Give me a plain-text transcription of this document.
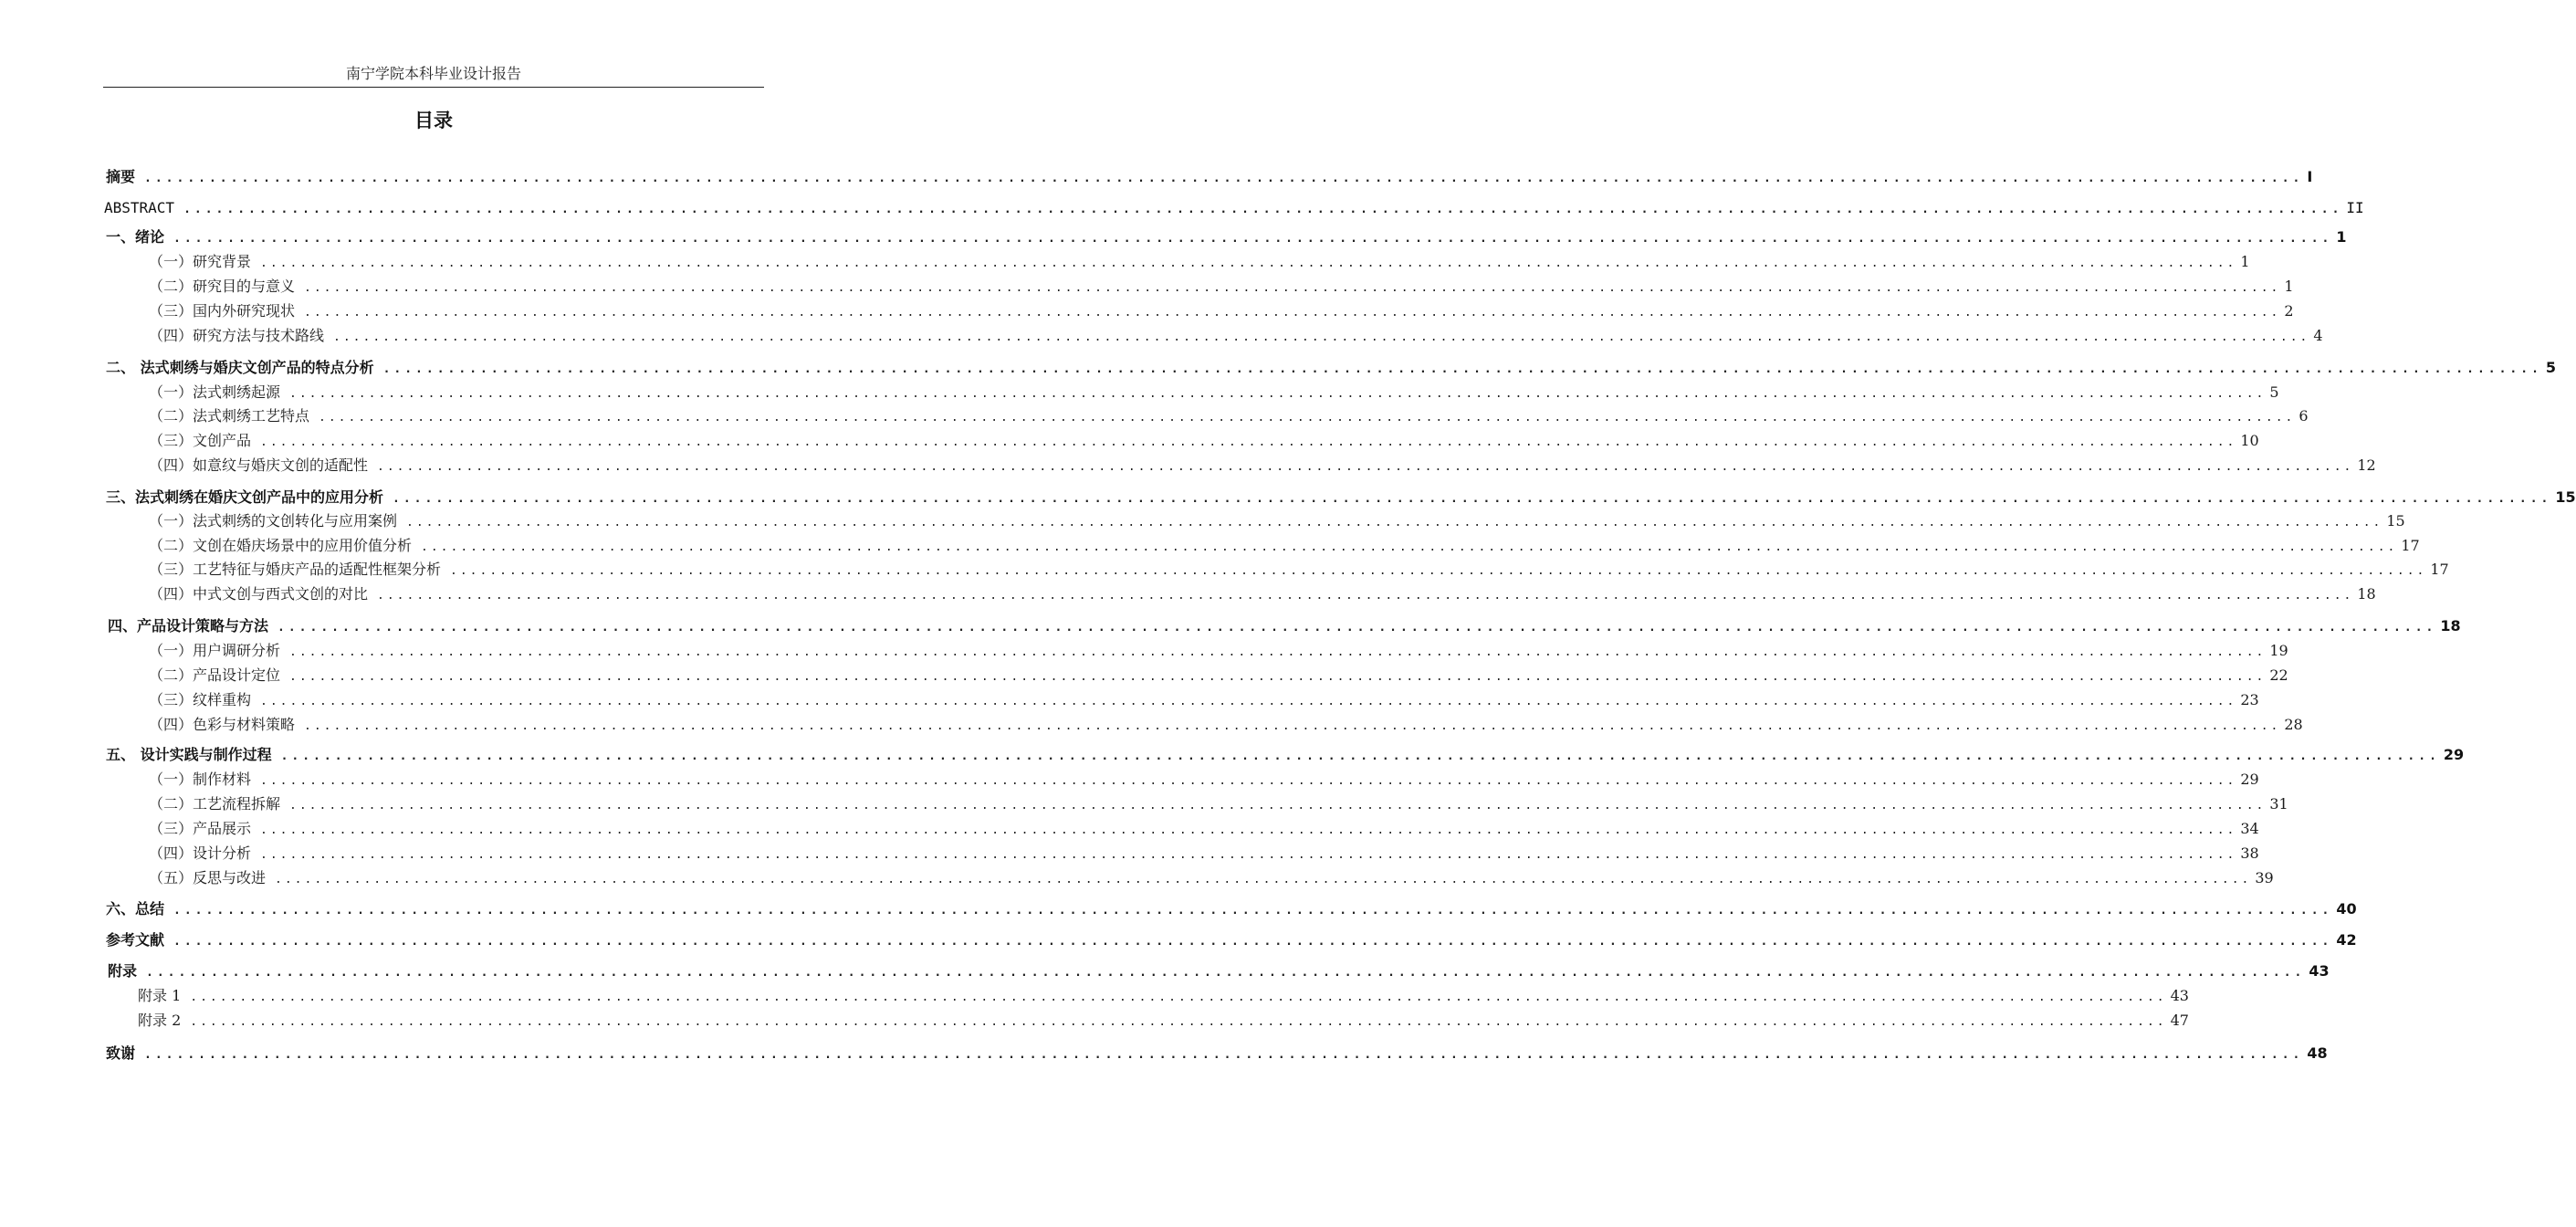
南宁学院本科毕业设计报告
目录
摘要 ........................................................................................................................................................................................................ I
ABSTRACT ........................................................................................................................................................................................................ II
一、绪论 ........................................................................................................................................................................................................ 1
（一）研究背景 ........................................................................................................................................................................................................ 1
（二）研究目的与意义 ........................................................................................................................................................................................................ 1
（三）国内外研究现状 ........................................................................................................................................................................................................ 2
（四）研究方法与技术路线 ........................................................................................................................................................................................................ 4
二、 法式刺绣与婚庆文创产品的特点分析 ........................................................................................................................................................................................................ 5
（一）法式刺绣起源 ........................................................................................................................................................................................................ 5
（二）法式刺绣工艺特点 ........................................................................................................................................................................................................ 6
（三）文创产品 ........................................................................................................................................................................................................ 10
（四）如意纹与婚庆文创的适配性 ........................................................................................................................................................................................................ 12
三、法式刺绣在婚庆文创产品中的应用分析 ........................................................................................................................................................................................................ 15
（一）法式刺绣的文创转化与应用案例 ........................................................................................................................................................................................................ 15
（二）文创在婚庆场景中的应用价值分析 ........................................................................................................................................................................................................ 17
（三）工艺特征与婚庆产品的适配性框架分析 ........................................................................................................................................................................................................ 17
（四）中式文创与西式文创的对比 ........................................................................................................................................................................................................ 18
四、产品设计策略与方法 ........................................................................................................................................................................................................ 18
（一）用户调研分析 ........................................................................................................................................................................................................ 19
（二）产品设计定位 ........................................................................................................................................................................................................ 22
（三）纹样重构 ........................................................................................................................................................................................................ 23
（四）色彩与材料策略 ........................................................................................................................................................................................................ 28
五、 设计实践与制作过程 ........................................................................................................................................................................................................ 29
（一）制作材料 ........................................................................................................................................................................................................ 29
（二）工艺流程拆解 ........................................................................................................................................................................................................ 31
（三）产品展示 ........................................................................................................................................................................................................ 34
（四）设计分析 ........................................................................................................................................................................................................ 38
（五）反思与改进 ........................................................................................................................................................................................................ 39
六、总结 ........................................................................................................................................................................................................ 40
参考文献 ........................................................................................................................................................................................................ 42
附录 ........................................................................................................................................................................................................ 43
附录 1 ........................................................................................................................................................................................................ 43
附录 2 ........................................................................................................................................................................................................ 47
致谢 ........................................................................................................................................................................................................ 48
